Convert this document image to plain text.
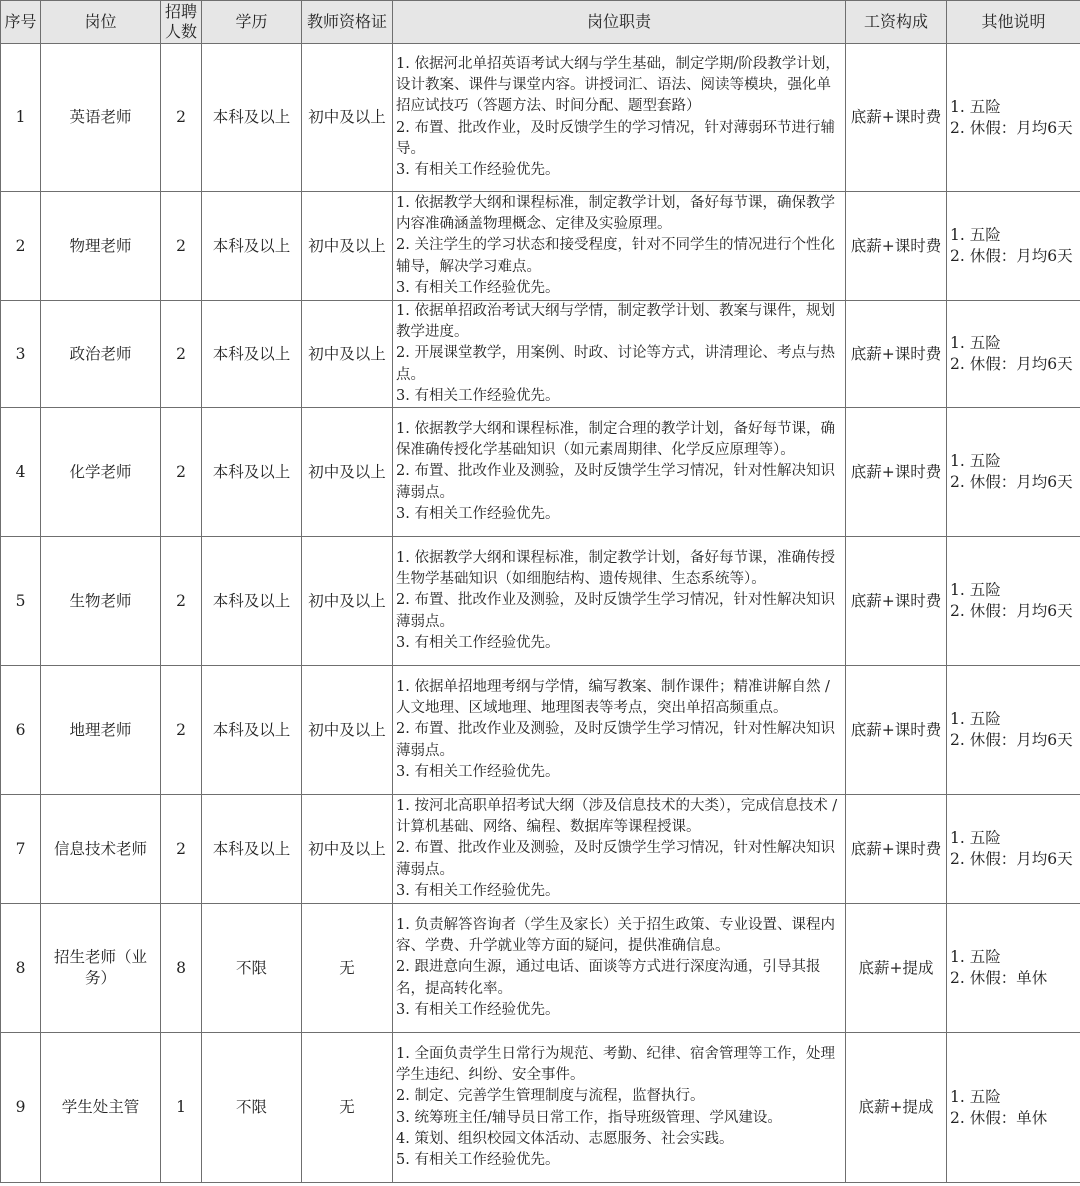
序号	岗位	招聘人数	学历	教师资格证	岗位职责	工资构成	其他说明
1	英语老师	2	本科及以上	初中及以上	1. 依据河北单招英语考试大纲与学生基础，制定学期/阶段教学计划，设计教案、课件与课堂内容。讲授词汇、语法、阅读等模块，强化单招应试技巧（答题方法、时间分配、题型套路）
2. 布置、批改作业，及时反馈学生的学习情况，针对薄弱环节进行辅导。
3. 有相关工作经验优先。	底薪+课时费	1. 五险
2. 休假：月均6天

2	物理老师	2	本科及以上	初中及以上	1. 依据教学大纲和课程标准，制定教学计划，备好每节课，确保教学内容准确涵盖物理概念、定律及实验原理。
2. 关注学生的学习状态和接受程度，针对不同学生的情况进行个性化辅导，解决学习难点。
3. 有相关工作经验优先。	底薪+课时费	1. 五险
2. 休假：月均6天

3	政治老师	2	本科及以上	初中及以上	1. 依据单招政治考试大纲与学情，制定教学计划、教案与课件，规划教学进度。
2. 开展课堂教学，用案例、时政、讨论等方式，讲清理论、考点与热点。
3. 有相关工作经验优先。	底薪+课时费	1. 五险
2. 休假：月均6天

4	化学老师	2	本科及以上	初中及以上	1. 依据教学大纲和课程标准，制定合理的教学计划，备好每节课，确保准确传授化学基础知识（如元素周期律、化学反应原理等）。
2. 布置、批改作业及测验，及时反馈学生学习情况，针对性解决知识薄弱点。
3. 有相关工作经验优先。	底薪+课时费	1. 五险
2. 休假：月均6天

5	生物老师	2	本科及以上	初中及以上	1. 依据教学大纲和课程标准，制定教学计划，备好每节课，准确传授生物学基础知识（如细胞结构、遗传规律、生态系统等）。
2. 布置、批改作业及测验，及时反馈学生学习情况，针对性解决知识薄弱点。
3. 有相关工作经验优先。	底薪+课时费	1. 五险
2. 休假：月均6天

6	地理老师	2	本科及以上	初中及以上	1. 依据单招地理考纲与学情，编写教案、制作课件；精准讲解自然 / 人文地理、区域地理、地理图表等考点，突出单招高频重点。
2. 布置、批改作业及测验，及时反馈学生学习情况，针对性解决知识薄弱点。
3. 有相关工作经验优先。	底薪+课时费	1. 五险
2. 休假：月均6天

7	信息技术老师	2	本科及以上	初中及以上	1. 按河北高职单招考试大纲（涉及信息技术的大类），完成信息技术 / 计算机基础、网络、编程、数据库等课程授课。
2. 布置、批改作业及测验，及时反馈学生学习情况，针对性解决知识薄弱点。
3. 有相关工作经验优先。	底薪+课时费	1. 五险
2. 休假：月均6天

8	招生老师（业务）	8	不限	无	1. 负责解答咨询者（学生及家长）关于招生政策、专业设置、课程内容、学费、升学就业等方面的疑问，提供准确信息。
2. 跟进意向生源，通过电话、面谈等方式进行深度沟通，引导其报名，提高转化率。
3. 有相关工作经验优先。	底薪+提成	1. 五险
2. 休假：单休

9	学生处主管	1	不限	无	1. 全面负责学生日常行为规范、考勤、纪律、宿舍管理等工作，处理学生违纪、纠纷、安全事件。
2. 制定、完善学生管理制度与流程，监督执行。
3. 统筹班主任/辅导员日常工作，指导班级管理、学风建设。
4. 策划、组织校园文体活动、志愿服务、社会实践。
5. 有相关工作经验优先。	底薪+提成	1. 五险
2. 休假：单休
